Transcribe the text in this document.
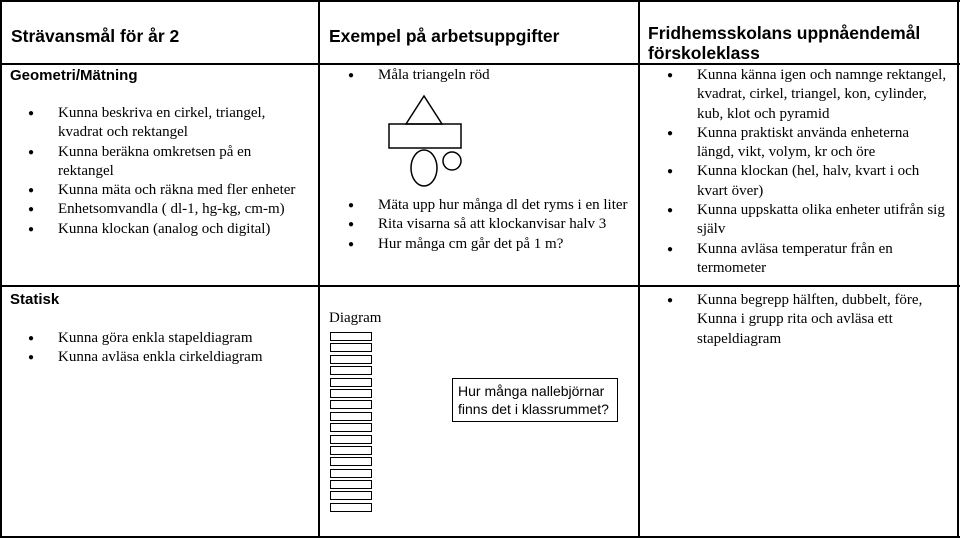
Strävansmål för år 2	Exempel på arbetsuppgifter	Fridhemsskolans uppnåendemål förskoleklass
Geometri/Mätning
● Kunna beskriva en cirkel, triangel, kvadrat och rektangel
● Kunna beräkna omkretsen på en rektangel
● Kunna mäta och räkna med fler enheter
● Enhetsomvandla ( dl-1, hg-kg, cm-m)
● Kunna klockan (analog och digital)
● Måla triangeln röd
● Mäta upp hur många dl det ryms i en liter
● Rita visarna så att klockanvisar halv 3
● Hur många cm går det på 1 m?
● Kunna känna igen och namnge rektangel, kvadrat, cirkel, triangel, kon, cylinder, kub, klot och pyramid
● Kunna praktiskt använda enheterna längd, vikt, volym, kr och öre
● Kunna klockan (hel, halv, kvart i och kvart över)
● Kunna uppskatta olika enheter utifrån sig själv
● Kunna avläsa temperatur från en termometer
Statisk
● Kunna göra enkla stapeldiagram
● Kunna avläsa enkla cirkeldiagram
Diagram
Hur många nallebjörnar finns det i klassrummet?
● Kunna begrepp hälften, dubbelt, före, Kunna i grupp rita och avläsa ett stapeldiagram
